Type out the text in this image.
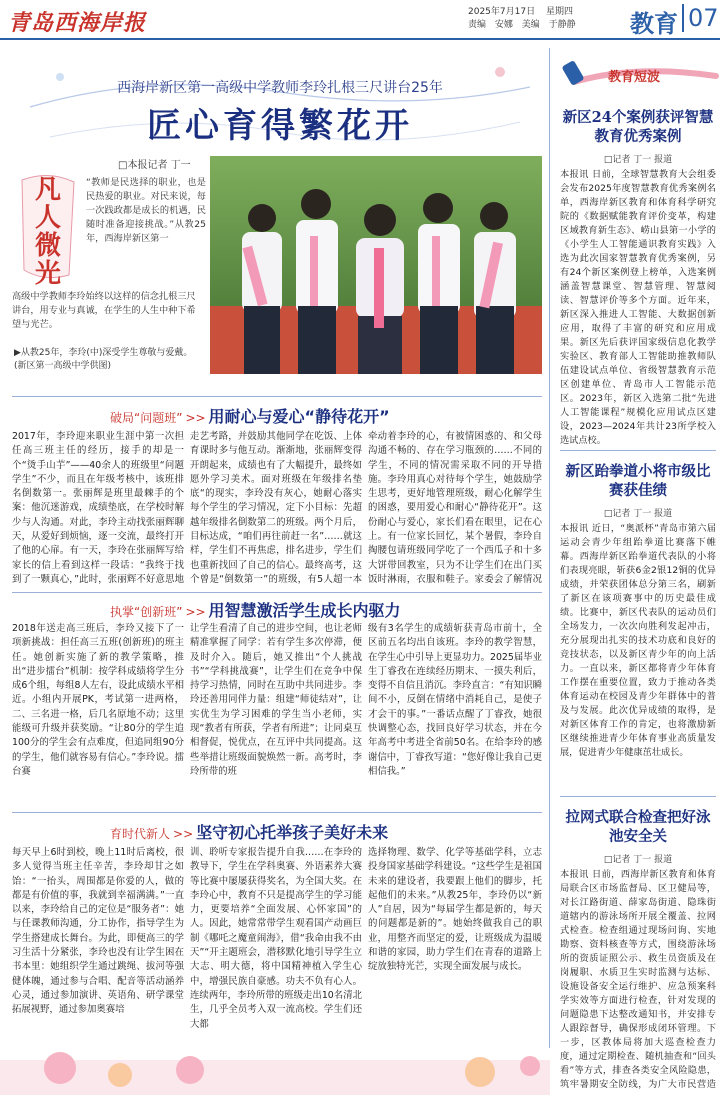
青岛西海岸报	2025年7月17日 星期四
责编 安娜 美编 于静静	教育 07
西海岸新区第一高级中学教师李玲扎根三尺讲台25年
匠心育得繁花开
□本报记者 丁一
凡人微光
“教师是民选择的职业，也是民热爱的职业。对民来说，每一次践政都是成长的机遇，民随时准备迎接挑战。”从教25年，西海岸新区第一
高级中学教师李玲始终以这样的信念扎根三尺讲台，用专业与真诚，在学生的人生中种下希望与光芒。
▶从教25年，李玲(中)深受学生尊敬与爱戴。(新区第一高级中学供图)
破局“问题班” >> 用耐心与爱心“静待花开”
2017年，李玲迎来职业生涯中第一次担任高三班主任的经历，接手的却是一个“烫手山芋”——40余人的班级里“问题学生”不少，而且在年级考核中，该班排名倒数第一。张丽辉是班里最棘手的个案：他沉迷游戏，成绩垫底，在学校时解少与人沟通。对此，李玲主动找张丽辉聊天，从爱好到烦恼，逐一交流，最终打开了他的心扉。有一天，李玲在张丽辉写给家长的信上看到这样一段话：“我终于找到了一颗真心，”此时，张丽辉不好意思地
走艺考路，并鼓励其他同学在吃饭、上体育课时多与他互动。渐渐地，张丽辉变得开朗起来，成绩也有了大幅提升，最终如愿外学习美术。面对班级在年级排名垫底“的现实，李玲没有灰心，她耐心落实每个学生的学习情况，定下小目标：先超越年级排名倒数第二的班级。两个月后，目标达成，“咱们再往前赶一名”……就这样，学生们不再焦虑，排名进步，学生们也重新找回了自己的信心。最终高考，这个曾是“倒数第一”的班级，有5人超一本
牵动着李玲的心，有被情困惑的、和父母沟通不畅的、存在学习瓶颈的……不同的学生，不同的情况需采取不同的开导措施。李玲用真心对待每个学生，她鼓励学生思考，更好地管理班级，耐心化解学生的困惑，要用爱心和耐心“静待花开”。这份耐心与爱心，家长们看在眼里，记在心上。有一位家长回忆，某个暑假，李玲自掏腰包请班级同学吃了一个西瓜子和十多大饼带回教室，只为不让学生们在出门买饭时淋雨，衣服和鞋子。家委会了解情况
执掌“创新班” >> 用智慧激活学生成长内驱力
2018年送走高三班后，李玲又接下了一项新挑战：担任高三五班(创新班)的班主任。她创新实施了新的教学策略，推出“进步擂台”机制：按学科成绩将学生分成6个组，每组8人左右，设此成绩水平相近。小组内开展PK，考试第一进两格，二、三名进一格，后几名原地不动；这里能级可升级并获奖励。“让80分的学生追100分的学生会有点难度，但追同组90分的学生，他们就容易有信心。”李玲说。擂台赛
让学生看清了自己的进步空间，也让老师精准掌握了同学：若有学生多次停滞，便及时介入。随后，她又推出“个人挑战书”“学科挑战赛”，让学生们在竞争中保持学习热情，同时在互助中共同进步。李玲还善用同伴力量：组建“师徒结对”，让实优生为学习困难的学生当小老师，实现“教者有所获，学者有所进”；让同桌互相督促，悦优点，在互评中共同提高。这些举措让班级面貌焕然一新。高考时，李玲所带的班
级有3名学生的成绩斩获青岛市前十，全区前五名均出自该班。李玲的教学智慧，在学生心中引导上更显功力。2025届毕业生丁睿孜在连续经历期末、一摸失利后，变得不自信且消沉。李玲直言：“有知识瞬间不小，反倒在情绪中消耗自己，是使子才会干的事。”一番话点醒了丁睿孜，她很快调整心态，找回良好学习状态，并在今年高考中考进全省前50名。在给李玲的感谢信中，丁睿孜写道：“您好像让我自己更相信我。”
育时代新人 >> 坚守初心托举孩子美好未来
每天早上6时到校，晚上11时后离校，很多人觉得当班主任辛苦，李玲却甘之如饴：“一抬头，周围都是你爱的人，做的都是有价值的事，我就到幸福满满。”一直以来，李玲给自己的定位是“服务者”：她与任课教师沟通，分工协作，指导学生为学生搭建成长舞台。为此，即便高三的学习生活十分紧张，李玲也没有让学生困在书本里：她组织学生通过跳绳、拔河等强健体魄，通过参与合唱、配音等活动涵养心灵，通过参加演讲、英语角、研学课堂拓展视野，通过参加奥赛培
训、聆听专家报告提升自我……在李玲的教导下，学生在学科奥赛、外语素养大赛等比赛中屡屡获得奖名，为全国大奖。在李玲心中，教育不只是提高学生的学习能力，更要培养“全面发展、心怀家国”的人。因此，她常常带学生观看国产动画巨制《哪吒之魔童闹海》，借“我命由我不由天”“开主题班会，潜移默化地引导学生立大志、明大德，将中国精神植入学生心中，增强民族自豪感。功夫不负有心人。连续两年，李玲所带的班级走出10名清北生，几乎全员考入双一流高校。学生们还大都
选择物理、数学、化学等基础学科，立志投身国家基础学科建设。“这些学生是祖国未来的建设者，我要跟上他们的脚步，托起他们的未来。”从教25年，李玲仍以“新人”自居，因为“每届学生都是新的，每天的问题都是新的”。她始终做我自己的职业，用整齐而坚定的爱，让班级成为温暖和谐的家园，助力学生们在青春的道路上绽放独特光芒，实现全面发展与成长。
教育短波
新区24个案例获评智慧教育优秀案例
□记者 丁一 报道
本报讯 日前，全球智慧教育大会组委会发布2025年度智慧教育优秀案例名单，西海岸新区教育和体育科学研究院的《数据赋能教育评价变革，构建区域教育新生态》、崂山县第一小学的《小学生人工智能通识教育实践》入选为此次国家智慧教育优秀案例，另有24个新区案例登上榜单，入选案例涵盖智慧课堂、智慧管理、智慧阅读、智慧评价等多个方面。近年来，新区深入推进人工智能、大数据创新应用，取得了丰富的研究和应用成果。新区先后获评国家级信息化教学实验区、教育部人工智能助推教师队伍建设试点单位、省级智慧教育示范区创建单位、青岛市人工智能示范区。2023年，新区入选第二批“先进人工智能课程”规模化应用试点区建设，2023—2024年共计23所学校入选试点校。
新区跆拳道小将市级比赛获佳绩
□记者 丁一 报道
本报讯 近日，“奥派杯”青岛市第六届运动会青少年组跆拳道比赛落下帷幕。西海岸新区跆拳道代表队的小将们表现亮眼，斩获6金2银12铜的优异成绩，并荣获团体总分第三名，刷新了新区在该项赛事中的历史最佳成绩。比赛中，新区代表队的运动员们全场发力，一次次向胜利发起冲击，充分展现出扎实的技术功底和良好的竞技状态，以及新区青少年的向上活力。一直以来，新区都将青少年体育工作摆在重要位置，致力于推动各类体育运动在校园及青少年群体中的普及与发展。此次优异成绩的取得，是对新区体育工作的肯定，也将激励新区继续推进青少年体育事业高质量发展，促进青少年健康茁壮成长。
拉网式联合检查把好泳池安全关
□记者 丁一 报道
本报讯 日前，西海岸新区教育和体育局联合区市场监督局、区卫健局等，对长江路街道、薛家岛街道、隐珠街道辖内的游泳场所开展全覆盖、拉网式检查。检查组通过现场问询、实地勘察、资料核查等方式，围绕游泳场所的资质证照公示、救生员资质及在岗履职、水质卫生实时监测与达标、设施设备安全运行维护、应急预案科学实效等方面进行检查，针对发现的问题隐患下达整改通知书，并安排专人跟踪督导，确保形成闭环管理。下一步，区教体局将加大巡查检查力度，通过定期检查、随机抽查和“回头看”等方式，排查各类安全风险隐患，筑牢暑期安全防线，为广大市民营造
